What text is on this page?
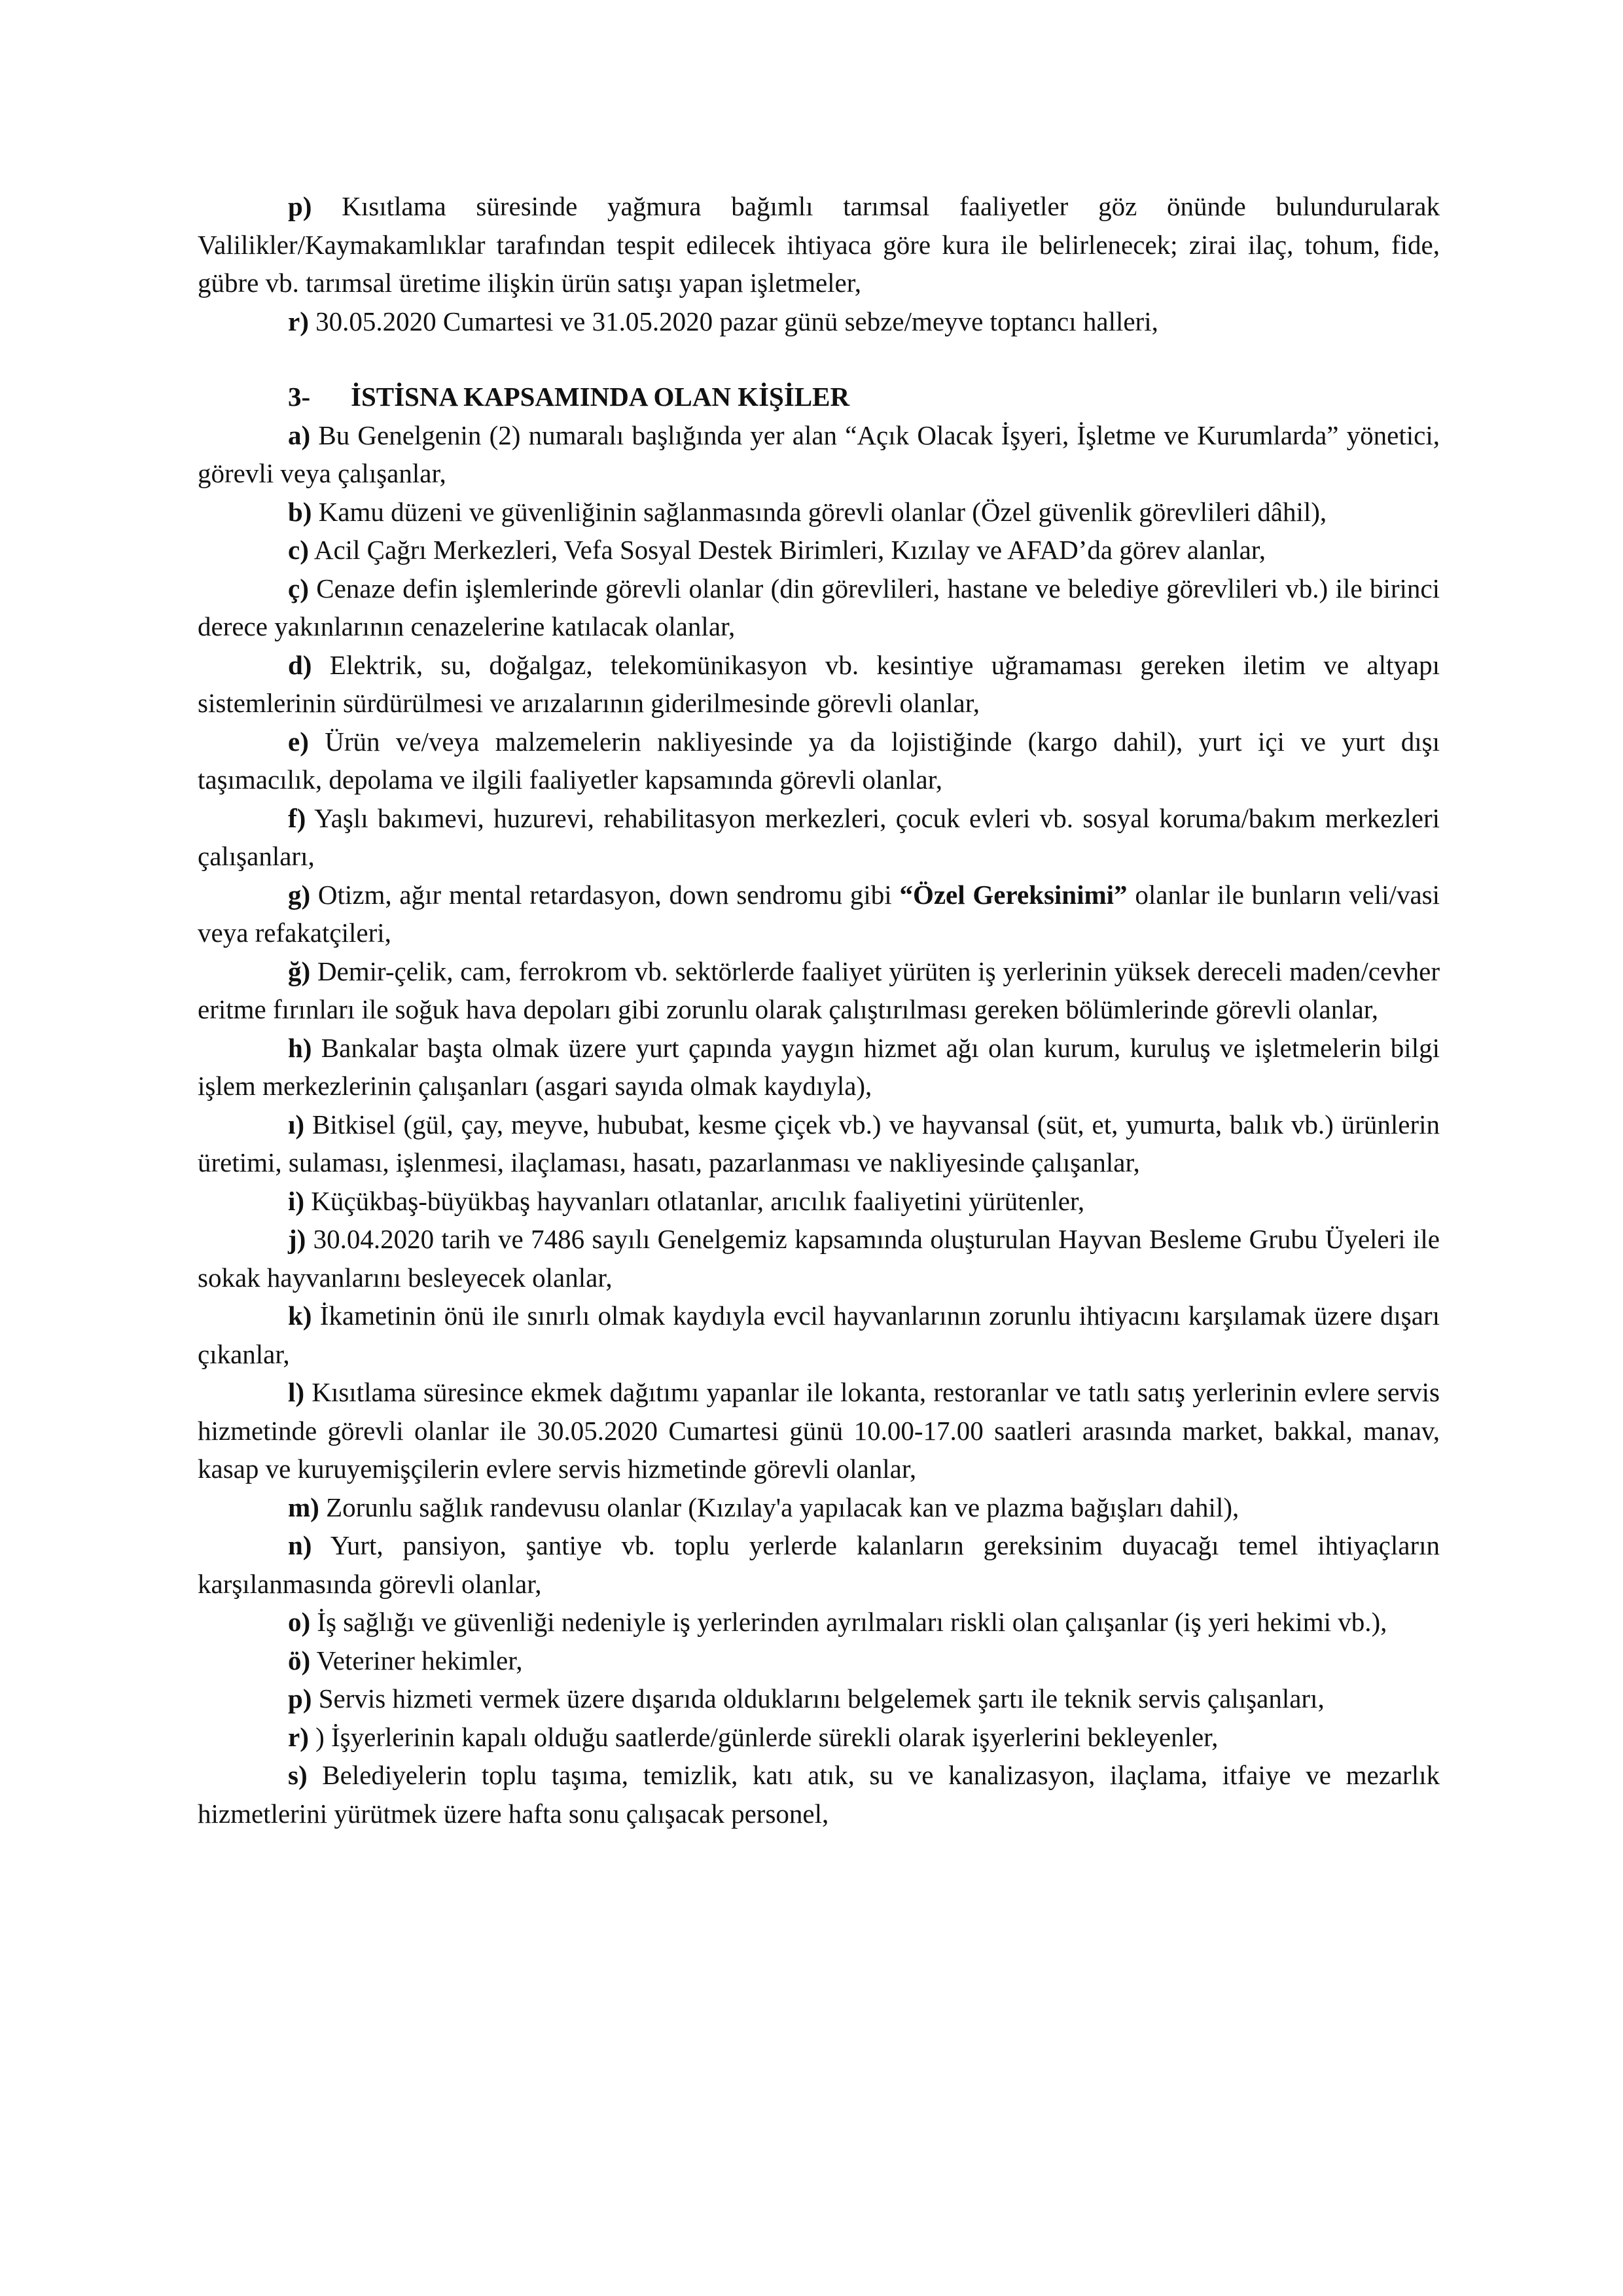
p) Kısıtlama süresinde yağmura bağımlı tarımsal faaliyetler göz önünde bulundurularak Valilikler/Kaymakamlıklar tarafından tespit edilecek ihtiyaca göre kura ile belirlenecek; zirai ilaç, tohum, fide, gübre vb. tarımsal üretime ilişkin ürün satışı yapan işletmeler,

r) 30.05.2020 Cumartesi ve 31.05.2020 pazar günü sebze/meyve toptancı halleri,

3-	İSTİSNA KAPSAMINDA OLAN KİŞİLER

a) Bu Genelgenin (2) numaralı başlığında yer alan “Açık Olacak İşyeri, İşletme ve Kurumlarda” yönetici, görevli veya çalışanlar,

b) Kamu düzeni ve güvenliğinin sağlanmasında görevli olanlar (Özel güvenlik görevlileri dâhil),

c) Acil Çağrı Merkezleri, Vefa Sosyal Destek Birimleri, Kızılay ve AFAD’da görev alanlar,

ç) Cenaze defin işlemlerinde görevli olanlar (din görevlileri, hastane ve belediye görevlileri vb.) ile birinci derece yakınlarının cenazelerine katılacak olanlar,

d) Elektrik, su, doğalgaz, telekomünikasyon vb. kesintiye uğramaması gereken iletim ve altyapı sistemlerinin sürdürülmesi ve arızalarının giderilmesinde görevli olanlar,

e) Ürün ve/veya malzemelerin nakliyesinde ya da lojistiğinde (kargo dahil), yurt içi ve yurt dışı taşımacılık, depolama ve ilgili faaliyetler kapsamında görevli olanlar,

f) Yaşlı bakımevi, huzurevi, rehabilitasyon merkezleri, çocuk evleri vb. sosyal koruma/bakım merkezleri çalışanları,

g) Otizm, ağır mental retardasyon, down sendromu gibi “Özel Gereksinimi” olanlar ile bunların veli/vasi veya refakatçileri,

ğ) Demir-çelik, cam, ferrokrom vb. sektörlerde faaliyet yürüten iş yerlerinin yüksek dereceli maden/cevher eritme fırınları ile soğuk hava depoları gibi zorunlu olarak çalıştırılması gereken bölümlerinde görevli olanlar,

h) Bankalar başta olmak üzere yurt çapında yaygın hizmet ağı olan kurum, kuruluş ve işletmelerin bilgi işlem merkezlerinin çalışanları (asgari sayıda olmak kaydıyla),

ı) Bitkisel (gül, çay, meyve, hububat, kesme çiçek vb.) ve hayvansal (süt, et, yumurta, balık vb.) ürünlerin üretimi, sulaması, işlenmesi, ilaçlaması, hasatı, pazarlanması ve nakliyesinde çalışanlar,

i) Küçükbaş-büyükbaş hayvanları otlatanlar, arıcılık faaliyetini yürütenler,

j) 30.04.2020 tarih ve 7486 sayılı Genelgemiz kapsamında oluşturulan Hayvan Besleme Grubu Üyeleri ile sokak hayvanlarını besleyecek olanlar,

k) İkametinin önü ile sınırlı olmak kaydıyla evcil hayvanlarının zorunlu ihtiyacını karşılamak üzere dışarı çıkanlar,

l) Kısıtlama süresince ekmek dağıtımı yapanlar ile lokanta, restoranlar ve tatlı satış yerlerinin evlere servis hizmetinde görevli olanlar ile 30.05.2020 Cumartesi günü 10.00-17.00 saatleri arasında market, bakkal, manav, kasap ve kuruyemişçilerin evlere servis hizmetinde görevli olanlar,

m) Zorunlu sağlık randevusu olanlar (Kızılay'a yapılacak kan ve plazma bağışları dahil),

n) Yurt, pansiyon, şantiye vb. toplu yerlerde kalanların gereksinim duyacağı temel ihtiyaçların karşılanmasında görevli olanlar,

o) İş sağlığı ve güvenliği nedeniyle iş yerlerinden ayrılmaları riskli olan çalışanlar (iş yeri hekimi vb.),

ö) Veteriner hekimler,

p) Servis hizmeti vermek üzere dışarıda olduklarını belgelemek şartı ile teknik servis çalışanları,

r) ) İşyerlerinin kapalı olduğu saatlerde/günlerde sürekli olarak işyerlerini bekleyenler,

s) Belediyelerin toplu taşıma, temizlik, katı atık, su ve kanalizasyon, ilaçlama, itfaiye ve mezarlık hizmetlerini yürütmek üzere hafta sonu çalışacak personel,
